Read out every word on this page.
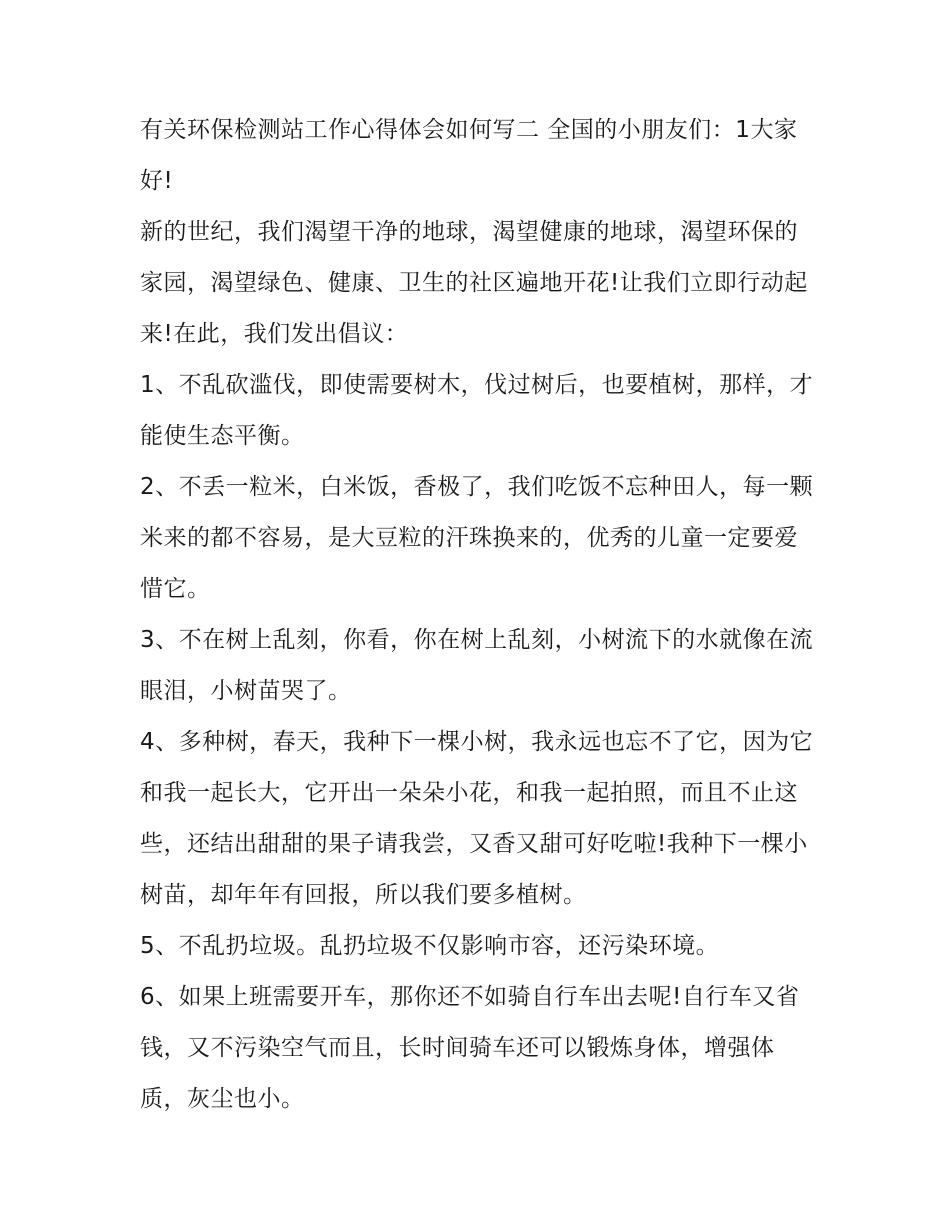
有关环保检测站工作心得体会如何写二 全国的小朋友们：1大家好!

新的世纪，我们渴望干净的地球，渴望健康的地球，渴望环保的家园，渴望绿色、健康、卫生的社区遍地开花!让我们立即行动起来!在此，我们发出倡议：

1、不乱砍滥伐，即使需要树木，伐过树后，也要植树，那样，才能使生态平衡。

2、不丢一粒米，白米饭，香极了，我们吃饭不忘种田人，每一颗米来的都不容易，是大豆粒的汗珠换来的，优秀的儿童一定要爱惜它。

3、不在树上乱刻，你看，你在树上乱刻，小树流下的水就像在流眼泪，小树苗哭了。

4、多种树，春天，我种下一棵小树，我永远也忘不了它，因为它和我一起长大，它开出一朵朵小花，和我一起拍照，而且不止这些，还结出甜甜的果子请我尝，又香又甜可好吃啦!我种下一棵小树苗，却年年有回报，所以我们要多植树。

5、不乱扔垃圾。乱扔垃圾不仅影响市容，还污染环境。

6、如果上班需要开车，那你还不如骑自行车出去呢!自行车又省钱，又不污染空气而且，长时间骑车还可以锻炼身体，增强体质，灰尘也小。
